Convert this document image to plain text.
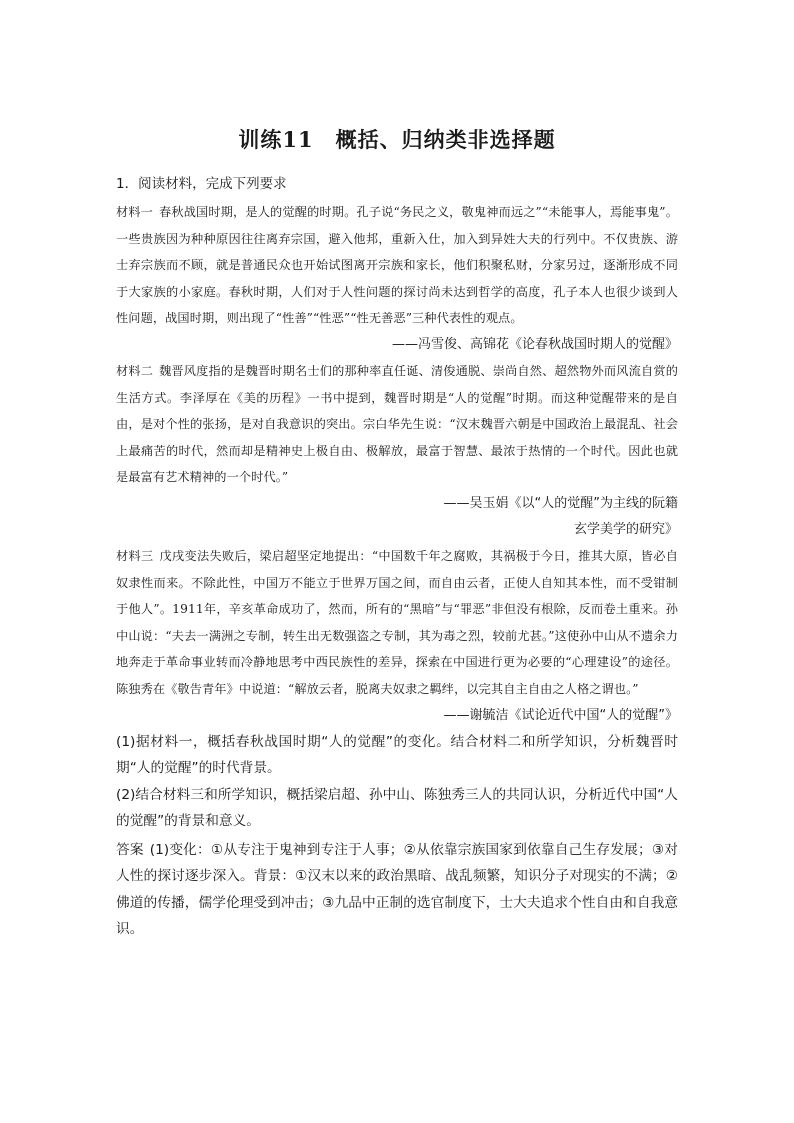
训练11　概括、归纳类非选择题

1．阅读材料，完成下列要求

材料一 春秋战国时期，是人的觉醒的时期。孔子说“务民之义，敬鬼神而远之”“未能事人，焉能事鬼”。一些贵族因为种种原因往往离弃宗国，避入他邦，重新入仕，加入到异姓大夫的行列中。不仅贵族、游士弃宗族而不顾，就是普通民众也开始试图离开宗族和家长，他们积聚私财，分家另过，逐渐形成不同于大家族的小家庭。春秋时期，人们对于人性问题的探讨尚未达到哲学的高度，孔子本人也很少谈到人性问题，战国时期，则出现了“性善”“性恶”“性无善恶”三种代表性的观点。

——冯雪俊、高锦花《论春秋战国时期人的觉醒》

材料二 魏晋风度指的是魏晋时期名士们的那种率直任诞、清俊通脱、崇尚自然、超然物外而风流自赏的生活方式。李泽厚在《美的历程》一书中提到，魏晋时期是“人的觉醒”时期。而这种觉醒带来的是自由，是对个性的张扬，是对自我意识的突出。宗白华先生说：“汉末魏晋六朝是中国政治上最混乱、社会上最痛苦的时代，然而却是精神史上极自由、极解放，最富于智慧、最浓于热情的一个时代。因此也就是最富有艺术精神的一个时代。”

——吴玉娟《以“人的觉醒”为主线的阮籍

玄学美学的研究》

材料三 戊戌变法失败后，梁启超坚定地提出：“中国数千年之腐败，其祸极于今日，推其大原，皆必自奴隶性而来。不除此性，中国万不能立于世界万国之间，而自由云者，正使人自知其本性，而不受钳制于他人”。1911年，辛亥革命成功了，然而，所有的“黑暗”与“罪恶”非但没有根除，反而卷土重来。孙中山说：“夫去一满洲之专制，转生出无数强盗之专制，其为毒之烈，较前尤甚。”这使孙中山从不遗余力地奔走于革命事业转而冷静地思考中西民族性的差异，探索在中国进行更为必要的“心理建设”的途径。陈独秀在《敬告青年》中说道：“解放云者，脱离夫奴隶之羁绊，以完其自主自由之人格之谓也。”

——谢毓洁《试论近代中国“人的觉醒”》

(1)据材料一，概括春秋战国时期“人的觉醒”的变化。结合材料二和所学知识，分析魏晋时期“人的觉醒”的时代背景。

(2)结合材料三和所学知识，概括梁启超、孙中山、陈独秀三人的共同认识，分析近代中国“人的觉醒”的背景和意义。

答案 (1)变化：①从专注于鬼神到专注于人事；②从依靠宗族国家到依靠自己生存发展；③对人性的探讨逐步深入。背景：①汉末以来的政治黑暗、战乱频繁，知识分子对现实的不满；②佛道的传播，儒学伦理受到冲击；③九品中正制的选官制度下，士大夫追求个性自由和自我意识。
